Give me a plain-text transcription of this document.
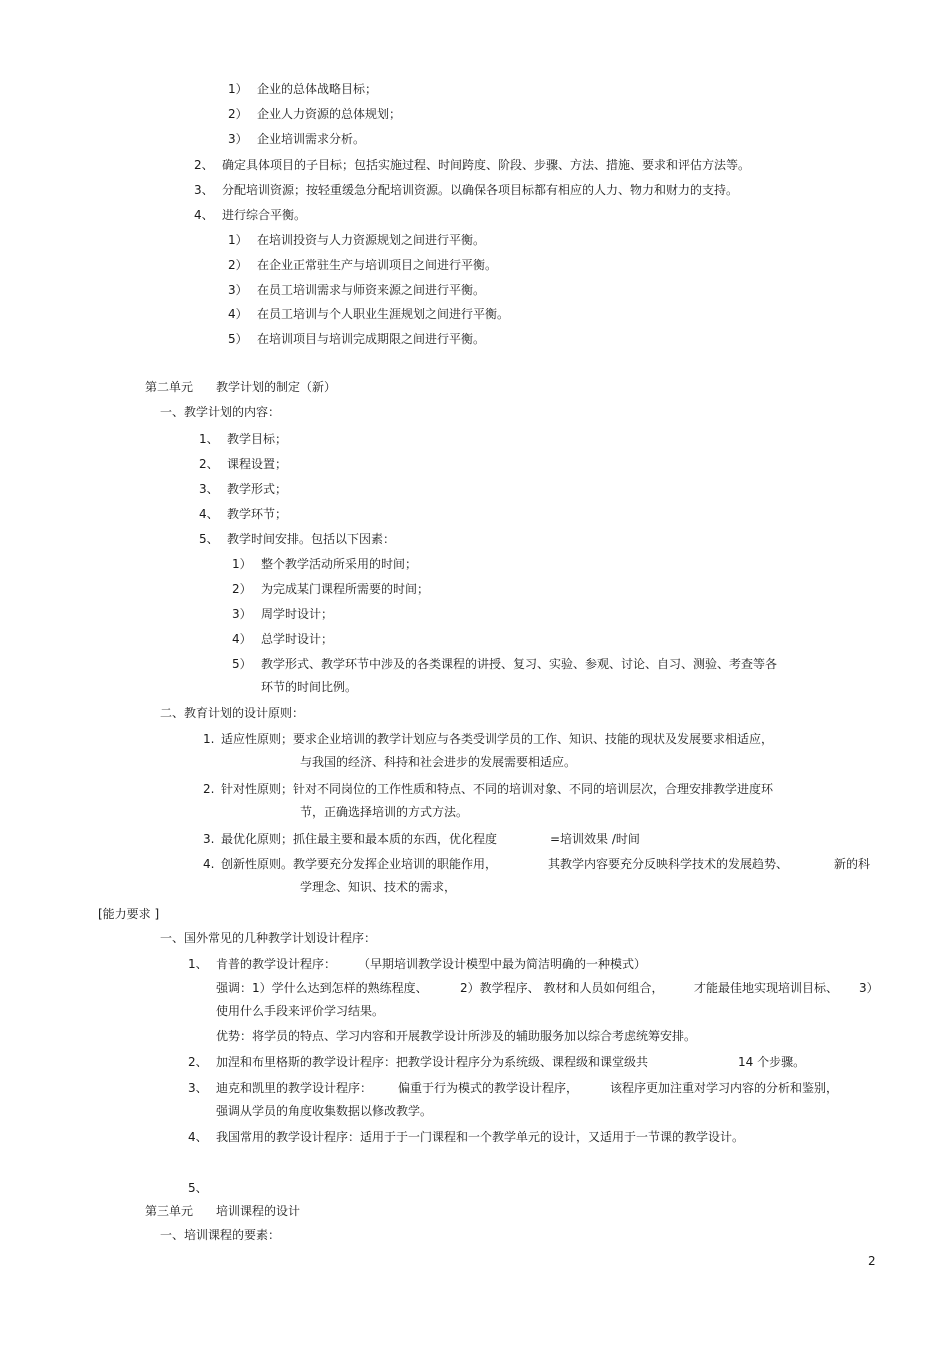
1） 企业的总体战略目标；
2） 企业人力资源的总体规划；
3） 企业培训需求分析。
2、 确定具体项目的子目标；包括实施过程、时间跨度、阶段、步骤、方法、措施、要求和评估方法等。
3、 分配培训资源；按轻重缓急分配培训资源。以确保各项目标都有相应的人力、物力和财力的支持。
4、 进行综合平衡。
1） 在培训投资与人力资源规划之间进行平衡。
2） 在企业正常驻生产与培训项目之间进行平衡。
3） 在员工培训需求与师资来源之间进行平衡。
4） 在员工培训与个人职业生涯规划之间进行平衡。
5） 在培训项目与培训完成期限之间进行平衡。
第二单元 教学计划的制定（新）
一、教学计划的内容：
1、 教学目标；
2、 课程设置；
3、 教学形式；
4、 教学环节；
5、 教学时间安排。包括以下因素：
1） 整个教学活动所采用的时间；
2） 为完成某门课程所需要的时间；
3） 周学时设计；
4） 总学时设计；
5） 教学形式、教学环节中涉及的各类课程的讲授、复习、实验、参观、讨论、自习、测验、考查等各
环节的时间比例。
二、教育计划的设计原则：
1. 适应性原则；要求企业培训的教学计划应与各类受训学员的工作、知识、技能的现状及发展要求相适应，
与我国的经济、科持和社会进步的发展需要相适应。
2. 针对性原则；针对不同岗位的工作性质和特点、不同的培训对象、不同的培训层次，合理安排教学进度环
节，正确选择培训的方式方法。
3. 最优化原则；抓住最主要和最本质的东西，优化程度	=培训效果 /时间
4. 创新性原则。教学要充分发挥企业培训的职能作用，	其教学内容要充分反映科学技术的发展趋势、	新的科
学理念、知识、技术的需求，
[能力要求 ]
一、国外常见的几种教学计划设计程序：
1、 肯普的教学设计程序： （早期培训教学设计模型中最为简洁明确的一种模式）
强调：1）学什么达到怎样的熟练程度、	2）教学程序、 教材和人员如何组合，	才能最佳地实现培训目标、 3）
使用什么手段来评价学习结果。
优势：将学员的特点、学习内容和开展教学设计所涉及的辅助服务加以综合考虑统筹安排。
2、 加涅和布里格斯的教学设计程序：把教学设计程序分为系统级、课程级和课堂级共	14 个步骤。
3、 迪克和凯里的教学设计程序： 偏重于行为模式的教学设计程序，	该程序更加注重对学习内容的分析和鉴别，
强调从学员的角度收集数据以修改教学。
4、 我国常用的教学设计程序：适用于于一门课程和一个教学单元的设计，又适用于一节课的教学设计。
5、
第三单元 培训课程的设计
一、培训课程的要素：
2
